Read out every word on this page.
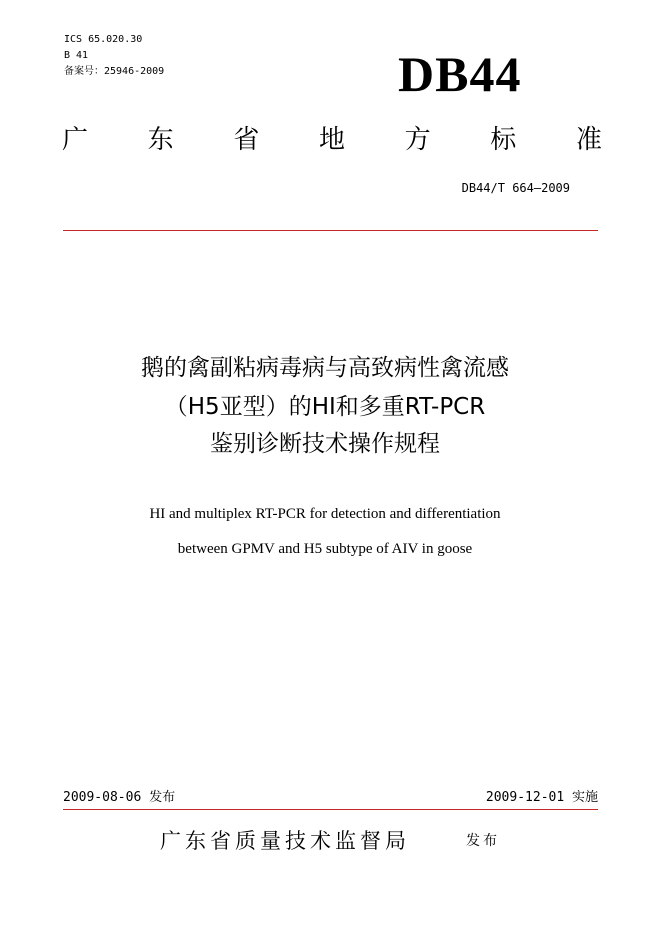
ICS 65.020.30
B 41
备案号：25946-2009	DB44
广 东 省 地 方 标 准
DB44/T 664—2009
鹅的禽副粘病毒病与高致病性禽流感
（H5亚型）的HI和多重RT-PCR
鉴别诊断技术操作规程
HI and multiplex RT-PCR for detection and differentiation
between GPMV and H5 subtype of AIV in goose
2009-08-06 发布	2009-12-01 实施
广东省质量技术监督局	发布
